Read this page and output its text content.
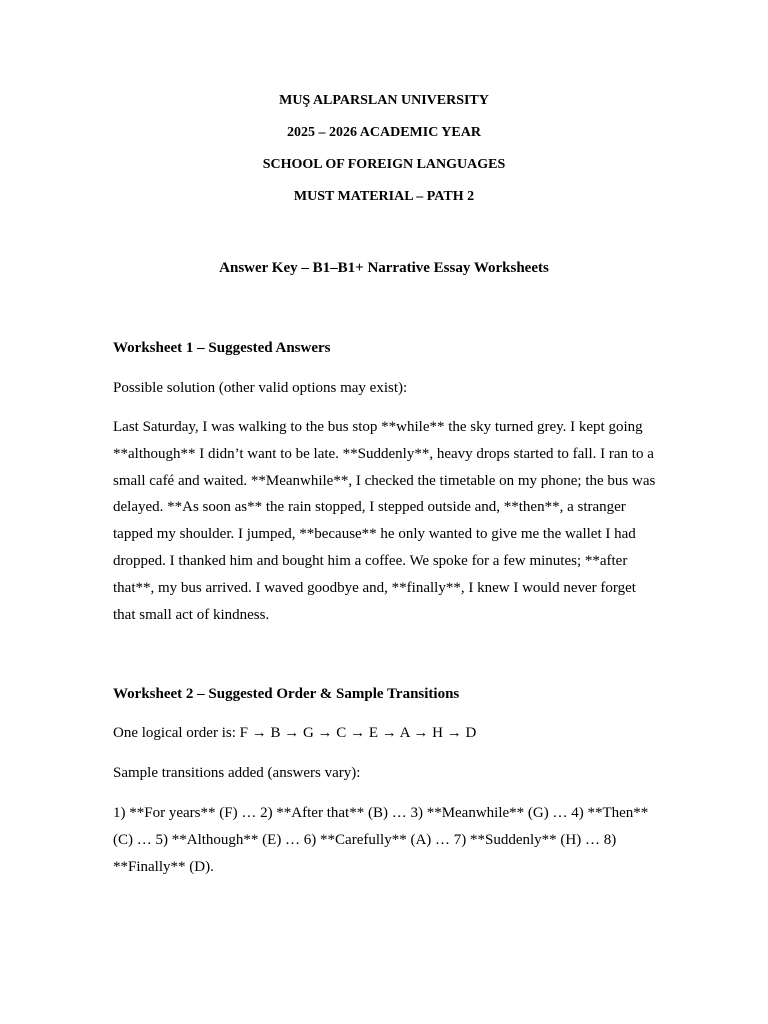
MUŞ ALPARSLAN UNIVERSITY
2025 – 2026 ACADEMIC YEAR
SCHOOL OF FOREIGN LANGUAGES
MUST MATERIAL – PATH 2
Answer Key – B1–B1+ Narrative Essay Worksheets
Worksheet 1 – Suggested Answers

Possible solution (other valid options may exist):

Last Saturday, I was walking to the bus stop **while** the sky turned grey. I kept going **although** I didn’t want to be late. **Suddenly**, heavy drops started to fall. I ran to a small café and waited. **Meanwhile**, I checked the timetable on my phone; the bus was delayed. **As soon as** the rain stopped, I stepped outside and, **then**, a stranger tapped my shoulder. I jumped, **because** he only wanted to give me the wallet I had dropped. I thanked him and bought him a coffee. We spoke for a few minutes; **after that**, my bus arrived. I waved goodbye and, **finally**, I knew I would never forget that small act of kindness.

Worksheet 2 – Suggested Order & Sample Transitions

One logical order is: F → B → G → C → E → A → H → D

Sample transitions added (answers vary):

1) **For years** (F) … 2) **After that** (B) … 3) **Meanwhile** (G) … 4) **Then** (C) … 5) **Although** (E) … 6) **Carefully** (A) … 7) **Suddenly** (H) … 8) **Finally** (D).
